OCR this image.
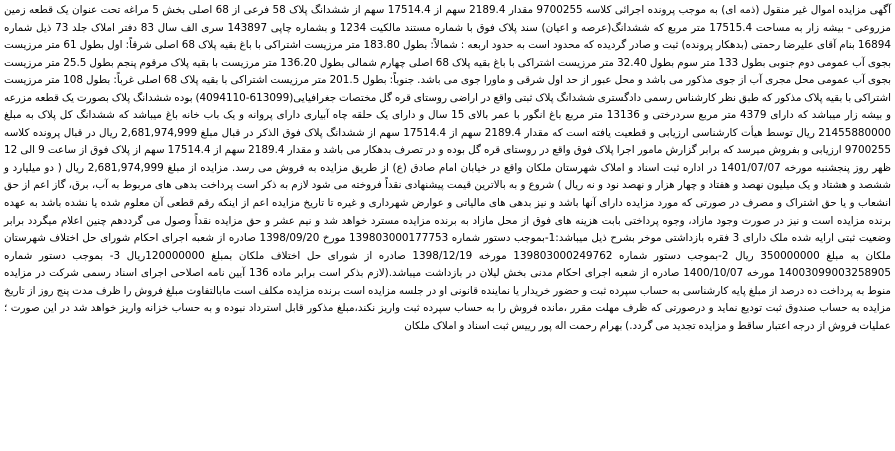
آگهی مزایده اموال غیر منقول (ذمه ای) به موجب پرونده اجرائی کلاسه 9700255 مقدار 2189.4 سهم از 17514.4 سهم از ششدانگ پلاک 58 فرعی از 68 اصلی بخش 5 مراغه تحت عنوان یک قطعه زمین مزروعی - بیشه زار به مساحت 17515.4 متر مربع که ششدانگ(عرصه و اعیان) سند پلاک فوق با شماره مستند مالکیت 1234 و بشماره چاپی 143897 سری الف سال 83 دفتر املاک جلد 73 ذیل شماره 16894 بنام آقای علیرضا رحمتی (بدهکار پرونده) ثبت و صادر گردیده که محدود است به حدود اربعه : شمالاً: بطول 183.80 متر مرزیست اشتراکی با باغ بقیه پلاک 68 اصلی شرقاً: اول بطول 61 متر مرزیست بجوی آب عمومی دوم جنوبی بطول 133 متر سوم بطول 32.40 متر مرزیست اشتراکی با باغ بقیه پلاک 68 اصلی چهارم شمالی بطول 136.20 متر مرزیست با بقیه پلاک مرقوم پنجم بطول 25.5 متر مرزیست بجوی آب عمومی محل مجری آب از جوی مذکور می باشد و محل عبور از حد اول شرقی و ماورا جوی می باشد. جنوباً: بطول 201.5 متر مرزیست اشتراکی با بقیه پلاک 68 اصلی غرباً: بطول 108 متر مرزیست اشتراکی با بقیه پلاک مذکور که طبق نظر کارشناس رسمی دادگستری ششدانگ پلاک ثبتی واقع در اراضی روستای قره گل مختصات جغرافیایی(613099-4094110) بوده ششدانگ پلاک بصورت یک قطعه مزرعه و بیشه زار میباشد که دارای 4379 متر مربع سردرختی و 13136 متر مربع باغ انگور با عمر بالای 15 سال و دارای یک حلقه چاه آبیاری دارای پروانه و یک باب خانه باغ میباشد که ششدانگ کل پلاک به مبلغ 21455880000 ریال توسط هیأت کارشناسی ارزیابی و قطعیت یافته است که مقدار 2189.4 سهم از 17514.4 سهم از ششدانگ پلاک فوق الذکر در قبال مبلغ 2,681,974,999 ریال در قبال پرونده کلاسه 9700255 ارزیابی و بفروش میرسد که برابر گزارش مامور اجرا پلاک فوق واقع در روستای قره گل بوده و در تصرف بدهکار می باشد و مقدار 2189.4 سهم از 17514.4 سهم از پلاک فوق از ساعت 9 الی 12 ظهر روز پنجشنبه مورخه 1401/07/07 در اداره ثبت اسناد و املاک شهرستان ملکان واقع در خیابان امام صادق (ع) از طریق مزایده به فروش می رسد. مزایده از مبلغ 2,681,974,999 ریال ( دو میلیارد و ششصد و هشتاد و یک میلیون نهصد و هفتاد و چهار هزار و نهصد نود و نه ریال ) شروع و به بالاترین قیمت پیشنهادی نقداً فروخته می شود لازم به ذکر است پرداخت بدهی های مربوط به آب، برق، گاز اعم از حق انشعاب و یا حق اشتراک و مصرف در صورتی که مورد مزایده دارای آنها باشد و نیز بدهی های مالیاتی و عوارض شهرداری و غیره تا تاریخ مزایده اعم از اینکه رقم قطعی آن معلوم شده یا نشده باشد به عهده برنده مزایده است و نیز در صورت وجود مازاد، وجوه پرداختی بابت هزینه های فوق از محل مازاد به برنده مزایده مسترد خواهد شد و نیم عشر و حق مزایده نقداً وصول می گرددهم چنین اعلام میگردد برابر وضعیت ثبتی ارایه شده ملک دارای 3 فقره بازداشتی موخر بشرح ذیل میباشد:1-بموجب دستور شماره 139803000177753 مورخ 1398/09/20 صادره از شعبه اجرای احکام شورای حل اختلاف شهرستان ملکان به مبلغ 350000000 ریال 2-بموجب دستور شماره 139803000249762 مورخه 1398/12/19 صادره از شورای حل اختلاف ملکان بمبلغ 120000000ریال 3- بموجب دستور شماره 14003099003258905 مورخه 1400/10/07 صادره از شعبه اجرای احکام مدنی بخش لیلان در بازداشت میباشد.(لازم بذکر است برابر ماده 136 آیین نامه اصلاحی اجرای اسناد رسمی شرکت در مزایده منوط به پرداخت ده درصد از مبلغ پایه کارشناسی به حساب سپرده ثبت و حضور خریدار یا نماینده قانونی او در جلسه مزایده است برنده مزایده مکلف است مابالتفاوت مبلغ فروش را ظرف مدت پنج روز از تاریخ مزایده به حساب صندوق ثبت تودیع نماید و درصورتی که ظرف مهلت مقرر ،مانده فروش را به حساب سپرده ثبت واریز نکند،مبلغ مذکور قابل استرداد نبوده و به حساب خزانه واریز خواهد شد در این صورت ؛عملیات فروش از درجه اعتبار ساقط و مزایده تجدید می گردد.) بهرام رحمت اله پور رییس ثبت اسناد و املاک ملکان
